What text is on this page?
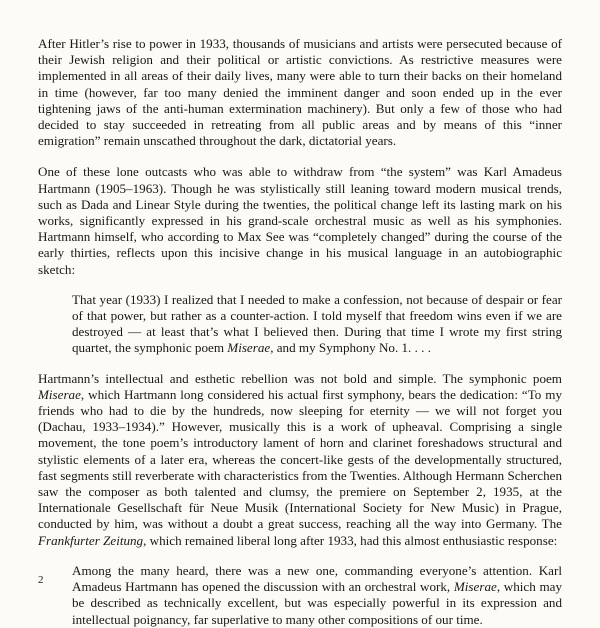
After Hitler’s rise to power in 1933, thousands of musicians and artists were persecuted because of their Jewish religion and their political or artistic convictions. As restrictive measures were implemented in all areas of their daily lives, many were able to turn their backs on their homeland in time (however, far too many denied the imminent danger and soon ended up in the ever tightening jaws of the anti-human extermination machinery). But only a few of those who had decided to stay succeeded in retreating from all public areas and by means of this “inner emigration” remain unscathed throughout the dark, dictatorial years.

One of these lone outcasts who was able to withdraw from “the system” was Karl Amadeus Hartmann (1905–1963). Though he was stylistically still leaning toward modern musical trends, such as Dada and Linear Style during the twenties, the political change left its lasting mark on his works, significantly expressed in his grand-scale orchestral music as well as his symphonies. Hartmann himself, who according to Max See was “completely changed” during the course of the early thirties, reflects upon this incisive change in his musical language in an autobiographic sketch:

That year (1933) I realized that I needed to make a confession, not because of despair or fear of that power, but rather as a counter-action. I told myself that freedom wins even if we are destroyed — at least that’s what I believed then. During that time I wrote my first string quartet, the symphonic poem Miserae, and my Symphony No. 1. . . .

Hartmann’s intellectual and esthetic rebellion was not bold and simple. The symphonic poem Miserae, which Hartmann long considered his actual first symphony, bears the dedication: “To my friends who had to die by the hundreds, now sleeping for eternity — we will not forget you (Dachau, 1933–1934).” However, musically this is a work of upheaval. Comprising a single movement, the tone poem’s introductory lament of horn and clarinet foreshadows structural and stylistic elements of a later era, whereas the concert-like gests of the developmentally structured, fast segments still reverberate with characteristics from the Twenties. Although Hermann Scherchen saw the composer as both talented and clumsy, the premiere on September 2, 1935, at the Internationale Gesellschaft für Neue Musik (International Society for New Music) in Prague, conducted by him, was without a doubt a great success, reaching all the way into Germany. The Frankfurter Zeitung, which remained liberal long after 1933, had this almost enthusiastic response:

Among the many heard, there was a new one, commanding everyone’s attention. Karl Amadeus Hartmann has opened the discussion with an orchestral work, Miserae, which may be described as technically excellent, but was especially powerful in its expression and intellectual poignancy, far superlative to many other compositions of our time.

2
